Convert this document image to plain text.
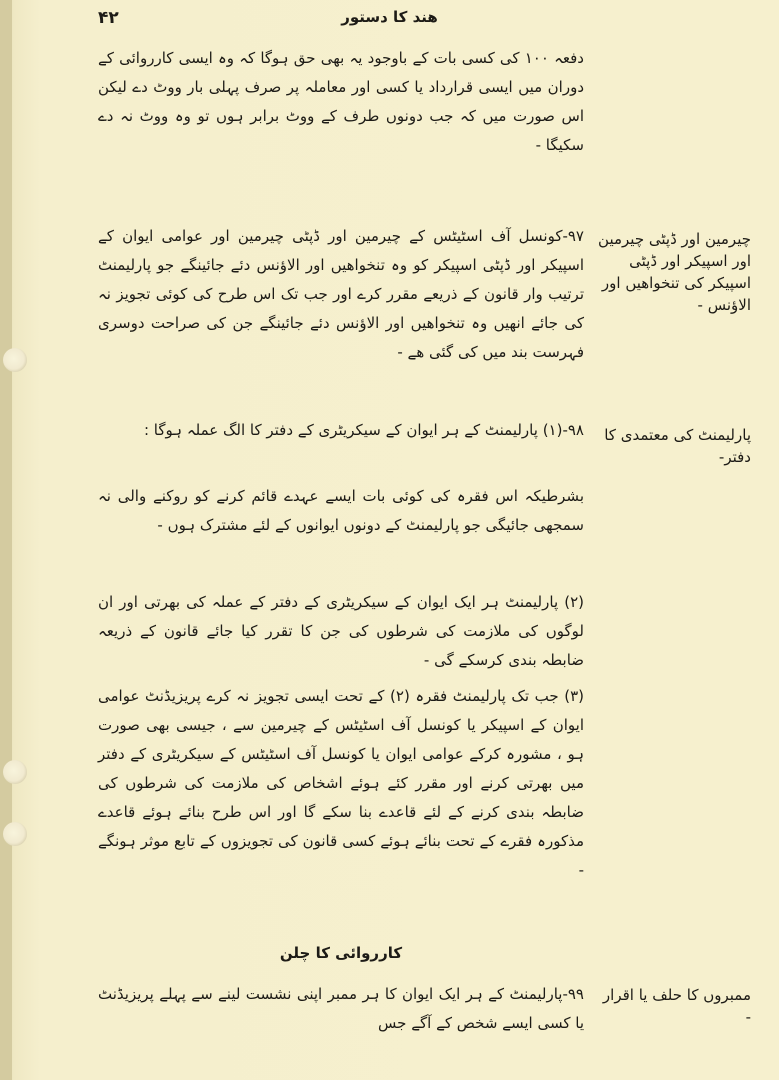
۴۲	ھند کا دستور

دفعہ ۱۰۰ کی کسی بات کے باوجود یہ بھی حق ہوگا کہ وہ ایسی کارروائی کے دوران میں ایسی قرارداد یا کسی اور معاملہ پر صرف پہلی بار ووٹ دے لیکن اس صورت میں کہ جب دونوں طرف کے ووٹ برابر ہوں تو وہ ووٹ نہ دے سکیگا -

چیرمین اور ڈپٹی چیرمین اور اسپیکر اور ڈپٹی اسپیکر کی تنخواھیں اور الاؤنس -

۹۷-کونسل آف اسٹیٹس کے چیرمین اور ڈپٹی چیرمین اور عوامی ایوان کے اسپیکر اور ڈپٹی اسپیکر کو وہ تنخواھیں اور الاؤنس دئے جائینگے جو پارلیمنٹ ترتیب وار قانون کے ذریعے مقرر کرے اور جب تک اس طرح کی کوئی تجویز نہ کی جائے انھیں وہ تنخواھیں اور الاؤنس دئے جائینگے جن کی صراحت دوسری فہرست بند میں کی گئی ھے -

پارلیمنٹ کی معتمدی کا دفتر-

۹۸-(۱) پارلیمنٹ کے ہر ایوان کے سیکریٹری کے دفتر کا الگ عملہ ہوگا :

بشرطیکہ اس فقرہ کی کوئی بات ایسے عہدے قائم کرنے کو روکنے والی نہ سمجھی جائیگی جو پارلیمنٹ کے دونوں ایوانوں کے لئے مشترک ہوں -

(۲) پارلیمنٹ ہر ایک ایوان کے سیکریٹری کے دفتر کے عملہ کی بھرتی اور ان لوگوں کی ملازمت کی شرطوں کی جن کا تقرر کیا جائے قانون کے ذریعہ ضابطہ بندی کرسکے گی -

(۳) جب تک پارلیمنٹ فقرہ (۲) کے تحت ایسی تجویز نہ کرے پریزیڈنٹ عوامی ایوان کے اسپیکر یا کونسل آف اسٹیٹس کے چیرمین سے ، جیسی بھی صورت ہو ، مشورہ کرکے عوامی ایوان یا کونسل آف اسٹیٹس کے سیکریٹری کے دفتر میں بھرتی کرنے اور مقرر کئے ہوئے اشخاص کی ملازمت کی شرطوں کی ضابطہ بندی کرنے کے لئے قاعدے بنا سکے گا اور اس طرح بنائے ہوئے قاعدے مذکورہ فقرے کے تحت بنائے ہوئے کسی قانون کی تجویزوں کے تابع موثر ہونگے -

کارروائی کا چلن
ممبروں کا حلف یا اقرار -

۹۹-پارلیمنٹ کے ہر ایک ایوان کا ہر ممبر اپنی نشست لینے سے پہلے پریزیڈنٹ یا کسی ایسے شخص کے آگے جس
